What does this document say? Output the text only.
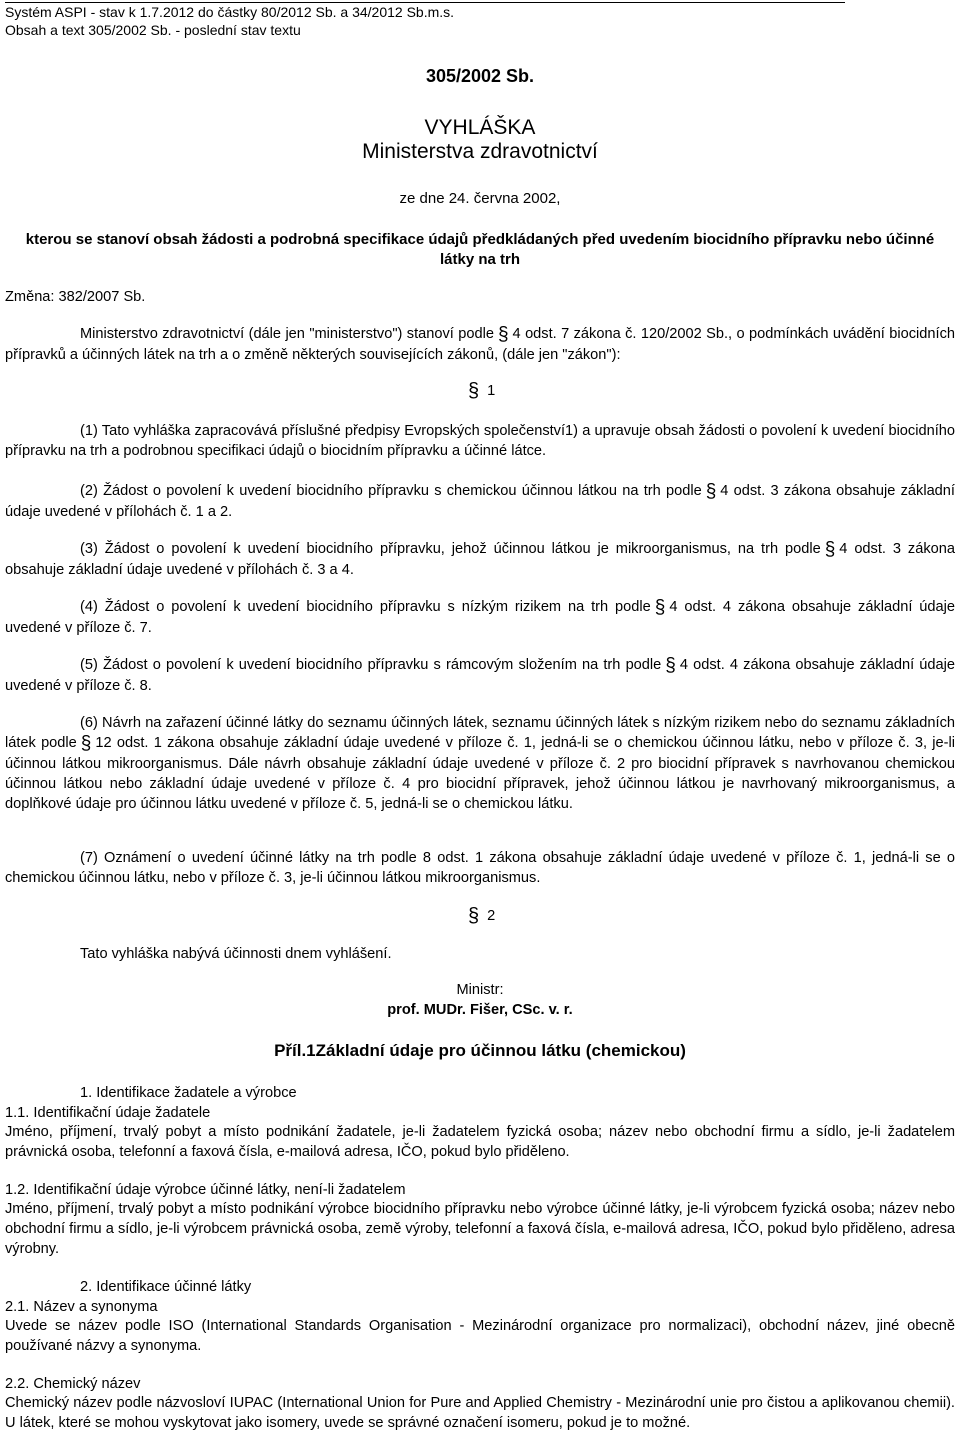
Systém ASPI - stav k 1.7.2012 do částky 80/2012 Sb. a 34/2012 Sb.m.s.
Obsah a text 305/2002 Sb. - poslední stav textu
305/2002 Sb.
VYHLÁŠKA
Ministerstva zdravotnictví
ze dne 24. června 2002,
kterou se stanoví obsah žádosti a podrobná specifikace údajů předkládaných před uvedením biocidního přípravku nebo účinné látky na trh
Změna: 382/2007 Sb.
Ministerstvo zdravotnictví (dále jen "ministerstvo") stanoví podle § 4 odst. 7 zákona č. 120/2002 Sb., o podmínkách uvádění biocidních přípravků a účinných látek na trh a o změně některých souvisejících zákonů, (dále jen "zákon"):
§ 1
(1) Tato vyhláška zapracovává příslušné předpisy Evropských společenství1) a upravuje obsah žádosti o povolení k uvedení biocidního přípravku na trh a podrobnou specifikaci údajů o biocidním přípravku a účinné látce.
(2) Žádost o povolení k uvedení biocidního přípravku s chemickou účinnou látkou na trh podle § 4 odst. 3 zákona obsahuje základní údaje uvedené v přílohách č. 1 a 2.
(3) Žádost o povolení k uvedení biocidního přípravku, jehož účinnou látkou je mikroorganismus, na trh podle § 4 odst. 3 zákona obsahuje základní údaje uvedené v přílohách č. 3 a 4.
(4) Žádost o povolení k uvedení biocidního přípravku s nízkým rizikem na trh podle § 4 odst. 4 zákona obsahuje základní údaje uvedené v příloze č. 7.
(5) Žádost o povolení k uvedení biocidního přípravku s rámcovým složením na trh podle § 4 odst. 4 zákona obsahuje základní údaje uvedené v příloze č. 8.
(6) Návrh na zařazení účinné látky do seznamu účinných látek, seznamu účinných látek s nízkým rizikem nebo do seznamu základních látek podle § 12 odst. 1 zákona obsahuje základní údaje uvedené v příloze č. 1, jedná-li se o chemickou účinnou látku, nebo v příloze č. 3, je-li účinnou látkou mikroorganismus. Dále návrh obsahuje základní údaje uvedené v příloze č. 2 pro biocidní přípravek s navrhovanou chemickou účinnou látkou nebo základní údaje uvedené v příloze č. 4 pro biocidní přípravek, jehož účinnou látkou je navrhovaný mikroorganismus, a doplňkové údaje pro účinnou látku uvedené v příloze č. 5, jedná-li se o chemickou látku.
(7) Oznámení o uvedení účinné látky na trh podle 8 odst. 1 zákona obsahuje základní údaje uvedené v příloze č. 1, jedná-li se o chemickou účinnou látku, nebo v příloze č. 3, je-li účinnou látkou mikroorganismus.
§ 2
Tato vyhláška nabývá účinnosti dnem vyhlášení.
Ministr:
prof. MUDr. Fišer, CSc. v. r.
Příl.1Základní údaje pro účinnou látku (chemickou)
1. Identifikace žadatele a výrobce
1.1. Identifikační údaje žadatele
Jméno, příjmení, trvalý pobyt a místo podnikání žadatele, je-li žadatelem fyzická osoba; název nebo obchodní firmu a sídlo, je-li žadatelem právnická osoba, telefonní a faxová čísla, e-mailová adresa, IČO, pokud bylo přiděleno.
1.2. Identifikační údaje výrobce účinné látky, není-li žadatelem
Jméno, příjmení, trvalý pobyt a místo podnikání výrobce biocidního přípravku nebo výrobce účinné látky, je-li výrobcem fyzická osoba; název nebo obchodní firmu a sídlo, je-li výrobcem právnická osoba, země výroby, telefonní a faxová čísla, e-mailová adresa, IČO, pokud bylo přiděleno, adresa výrobny.
2. Identifikace účinné látky
2.1. Název a synonyma
Uvede se název podle ISO (International Standards Organisation - Mezinárodní organizace pro normalizaci), obchodní název, jiné obecně používané názvy a synonyma.
2.2. Chemický název
Chemický název podle názvosloví IUPAC (International Union for Pure and Applied Chemistry - Mezinárodní unie pro čistou a aplikovanou chemii). U látek, které se mohou vyskytovat jako isomery, uvede se správné označení isomeru, pokud je to možné.
